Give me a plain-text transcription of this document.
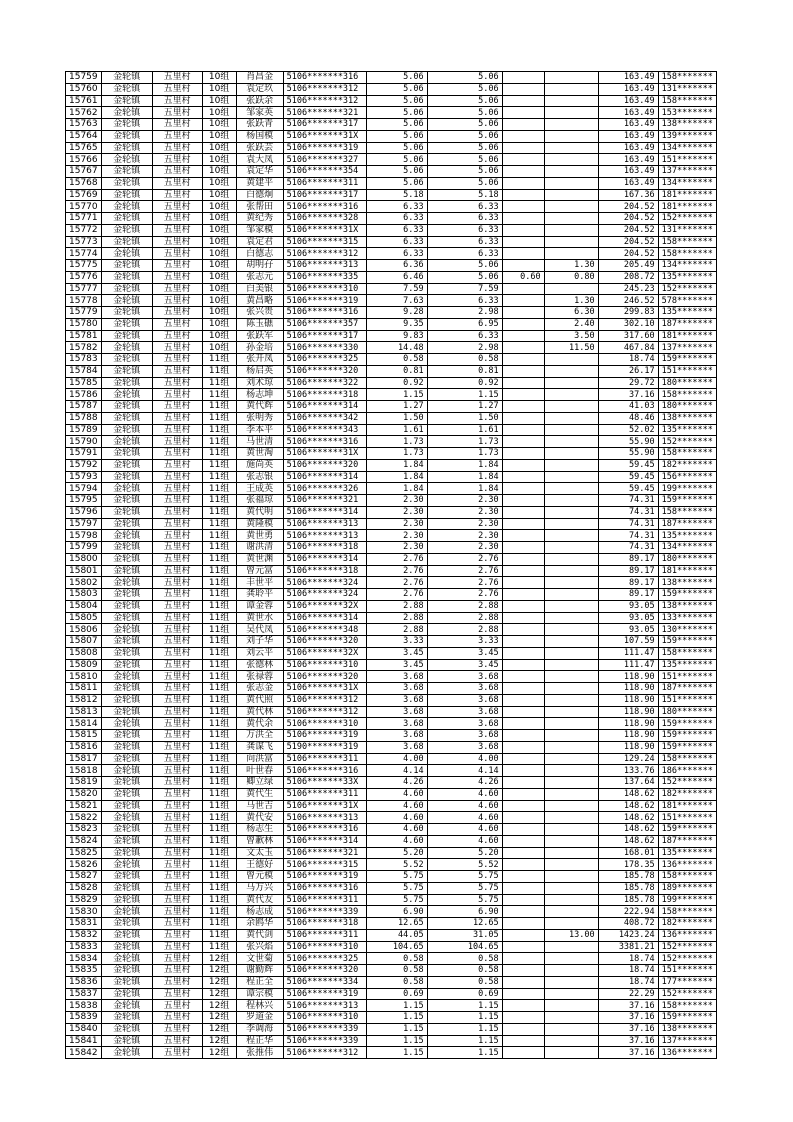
15759	金轮镇	五里村	10组	肖昌金	5106*******316	5.06	5.06			163.49	158*******
15760	金轮镇	五里村	10组	袁定玖	5106*******312	5.06	5.06			163.49	131*******
15761	金轮镇	五里村	10组	张跃余	5106*******312	5.06	5.06			163.49	158*******
15762	金轮镇	五里村	10组	邹家英	5106*******321	5.06	5.06			163.49	153*******
15763	金轮镇	五里村	10组	张跃青	5106*******317	5.06	5.06			163.49	138*******
15764	金轮镇	五里村	10组	杨国模	5106*******31X	5.06	5.06			163.49	139*******
15765	金轮镇	五里村	10组	张跃芸	5106*******319	5.06	5.06			163.49	134*******
15766	金轮镇	五里村	10组	袁大凤	5106*******327	5.06	5.06			163.49	151*******
15767	金轮镇	五里村	10组	袁定华	5106*******354	5.06	5.06			163.49	137*******
15768	金轮镇	五里村	10组	黄建平	5106*******311	5.06	5.06			163.49	134*******
15769	金轮镇	五里村	10组	白德炯	5106*******317	5.18	5.18			167.36	181*******
15770	金轮镇	五里村	10组	张帮田	5106*******316	6.33	6.33			204.52	181*******
15771	金轮镇	五里村	10组	黄纪秀	5106*******328	6.33	6.33			204.52	152*******
15772	金轮镇	五里村	10组	邹家模	5106*******31X	6.33	6.33			204.52	131*******
15773	金轮镇	五里村	10组	袁定君	5106*******315	6.33	6.33			204.52	158*******
15774	金轮镇	五里村	10组	白德志	5106*******312	6.33	6.33			204.52	158*******
15775	金轮镇	五里村	10组	胡明孖	5106*******313	6.36	5.06		1.30	205.49	134*******
15776	金轮镇	五里村	10组	张志元	5106*******335	6.46	5.06	0.60	0.80	208.72	135*******
15777	金轮镇	五里村	10组	白美银	5106*******310	7.59	7.59			245.23	152*******
15778	金轮镇	五里村	10组	黄昌略	5106*******319	7.63	6.33		1.30	246.52	578*******
15779	金轮镇	五里村	10组	张兴贵	5106*******316	9.28	2.98		6.30	299.83	135*******
15780	金轮镇	五里村	10组	陈玉礁	5106*******357	9.35	6.95		2.40	302.10	187*******
15781	金轮镇	五里村	10组	张跃军	5106*******317	9.83	6.33		3.50	317.60	181*******
15782	金轮镇	五里村	10组	孙金培	5106*******330	14.48	2.98		11.50	467.84	137*******
15783	金轮镇	五里村	11组	张开凤	5106*******325	0.58	0.58			18.74	159*******
15784	金轮镇	五里村	11组	杨启英	5106*******320	0.81	0.81			26.17	151*******
15785	金轮镇	五里村	11组	刘术琼	5106*******322	0.92	0.92			29.72	180*******
15786	金轮镇	五里村	11组	杨志坤	5106*******318	1.15	1.15			37.16	158*******
15787	金轮镇	五里村	11组	黄代辉	5106*******314	1.27	1.27			41.03	180*******
15788	金轮镇	五里村	11组	张明秀	5106*******342	1.50	1.50			48.46	138*******
15789	金轮镇	五里村	11组	李本平	5106*******343	1.61	1.61			52.02	135*******
15790	金轮镇	五里村	11组	马世清	5106*******316	1.73	1.73			55.90	152*******
15791	金轮镇	五里村	11组	黄世淘	5106*******31X	1.73	1.73			55.90	158*******
15792	金轮镇	五里村	11组	施尚英	5106*******320	1.84	1.84			59.45	182*******
15793	金轮镇	五里村	11组	张志银	5106*******314	1.84	1.84			59.45	156*******
15794	金轮镇	五里村	11组	王成英	5106*******326	1.84	1.84			59.45	199*******
15795	金轮镇	五里村	11组	张福琼	5106*******321	2.30	2.30			74.31	159*******
15796	金轮镇	五里村	11组	黄代明	5106*******314	2.30	2.30			74.31	158*******
15797	金轮镇	五里村	11组	黄隆模	5106*******313	2.30	2.30			74.31	187*******
15798	金轮镇	五里村	11组	黄世勇	5106*******313	2.30	2.30			74.31	135*******
15799	金轮镇	五里村	11组	谢洪清	5106*******318	2.30	2.30			74.31	134*******
15800	金轮镇	五里村	11组	黄世渊	5106*******314	2.76	2.76			89.17	180*******
15801	金轮镇	五里村	11组	曾元富	5106*******318	2.76	2.76			89.17	181*******
15802	金轮镇	五里村	11组	丰世平	5106*******324	2.76	2.76			89.17	138*******
15803	金轮镇	五里村	11组	龚聆平	5106*******324	2.76	2.76			89.17	159*******
15804	金轮镇	五里村	11组	谭金蓉	5106*******32X	2.88	2.88			93.05	138*******
15805	金轮镇	五里村	11组	黄世水	5106*******314	2.88	2.88			93.05	133*******
15806	金轮镇	五里村	11组	吴代凤	5106*******348	2.88	2.88			93.05	130*******
15807	金轮镇	五里村	11组	刘子华	5106*******320	3.33	3.33			107.59	159*******
15808	金轮镇	五里村	11组	刘云平	5106*******32X	3.45	3.45			111.47	158*******
15809	金轮镇	五里村	11组	张德林	5106*******310	3.45	3.45			111.47	135*******
15810	金轮镇	五里村	11组	张禄蓉	5106*******320	3.68	3.68			118.90	151*******
15811	金轮镇	五里村	11组	张志金	5106*******31X	3.68	3.68			118.90	187*******
15812	金轮镇	五里村	11组	黄代照	5106*******312	3.68	3.68			118.90	151*******
15813	金轮镇	五里村	11组	黄代林	5106*******312	3.68	3.68			118.90	180*******
15814	金轮镇	五里村	11组	黄代余	5106*******310	3.68	3.68			118.90	159*******
15815	金轮镇	五里村	11组	万洪全	5106*******319	3.68	3.68			118.90	159*******
15816	金轮镇	五里村	11组	龚谋飞	5190*******319	3.68	3.68			118.90	159*******
15817	金轮镇	五里村	11组	向洪富	5106*******311	4.00	4.00			129.24	158*******
15818	金轮镇	五里村	11组	叶世春	5106*******316	4.14	4.14			133.76	186*******
15819	金轮镇	五里村	11组	卿立绿	5106*******33X	4.26	4.26			137.64	152*******
15820	金轮镇	五里村	11组	黄代生	5106*******311	4.60	4.60			148.62	182*******
15821	金轮镇	五里村	11组	马世吉	5106*******31X	4.60	4.60			148.62	181*******
15822	金轮镇	五里村	11组	黄代安	5106*******313	4.60	4.60			148.62	151*******
15823	金轮镇	五里村	11组	杨志生	5106*******316	4.60	4.60			148.62	159*******
15824	金轮镇	五里村	11组	曾歉林	5106*******314	4.60	4.60			148.62	187*******
15825	金轮镇	五里村	11组	文太玉	5106*******321	5.20	5.20			168.01	135*******
15826	金轮镇	五里村	11组	王德好	5106*******315	5.52	5.52			178.35	136*******
15827	金轮镇	五里村	11组	曾元模	5106*******319	5.75	5.75			185.78	158*******
15828	金轮镇	五里村	11组	马万兴	5106*******316	5.75	5.75			185.78	189*******
15829	金轮镇	五里村	11组	黄代友	5106*******311	5.75	5.75			185.78	199*******
15830	金轮镇	五里村	11组	杨志成	5106*******339	6.90	6.90			222.94	158*******
15831	金轮镇	五里村	11组	余鸥华	5106*******318	12.65	12.65			408.72	182*******
15832	金轮镇	五里村	11组	黄代剑	5106*******311	44.05	31.05		13.00	1423.24	136*******
15833	金轮镇	五里村	11组	张兴焰	5106*******310	104.65	104.65			3381.21	152*******
15834	金轮镇	五里村	12组	文世菊	5106*******325	0.58	0.58			18.74	152*******
15835	金轮镇	五里村	12组	谢勤辉	5106*******320	0.58	0.58			18.74	151*******
15836	金轮镇	五里村	12组	程正全	5106*******334	0.58	0.58			18.74	177*******
15837	金轮镇	五里村	12组	谭宗模	5106*******319	0.69	0.69			22.29	152*******
15838	金轮镇	五里村	12组	程林兴	5106*******313	1.15	1.15			37.16	158*******
15839	金轮镇	五里村	12组	罗道金	5106*******310	1.15	1.15			37.16	159*******
15840	金轮镇	五里村	12组	李调海	5106*******339	1.15	1.15			37.16	138*******
15841	金轮镇	五里村	12组	程正华	5106*******339	1.15	1.15			37.16	137*******
15842	金轮镇	五里村	12组	张推伟	5106*******312	1.15	1.15			37.16	136*******
